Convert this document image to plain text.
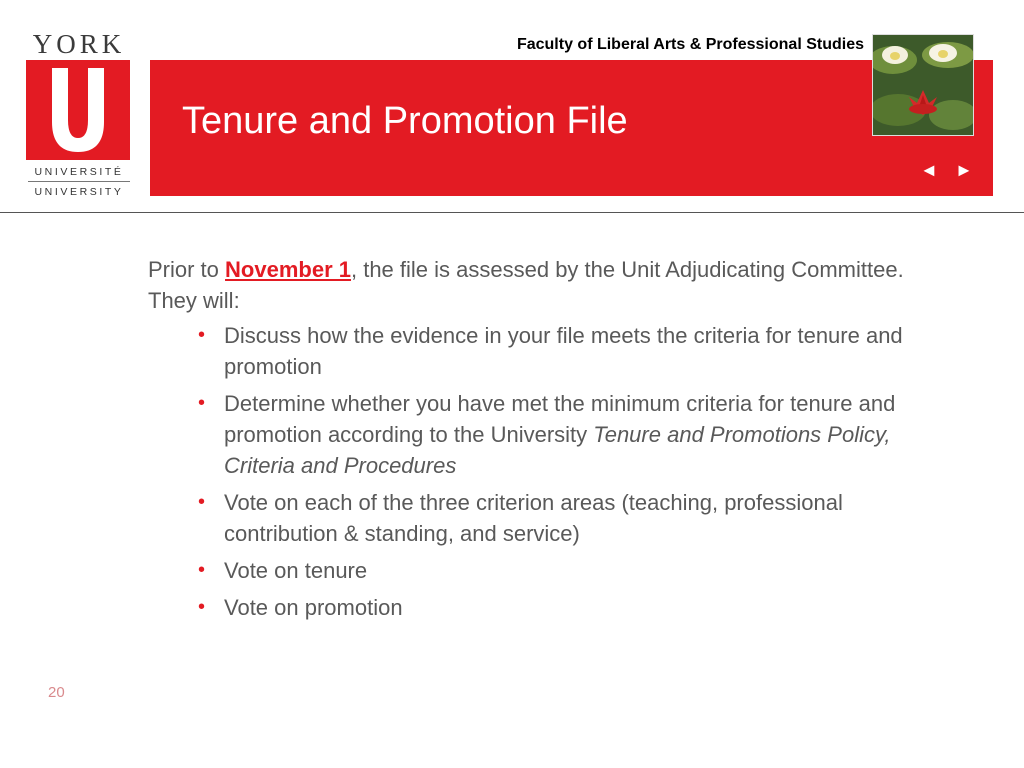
YORK
UNIVERSITÉ
UNIVERSITY
Faculty of Liberal Arts & Professional Studies
Tenure and Promotion File
◄ ►

Prior to November 1, the file is assessed by the Unit Adjudicating Committee. They will:

• Discuss how the evidence in your file meets the criteria for tenure and promotion
• Determine whether you have met the minimum criteria for tenure and promotion according to the University Tenure and Promotions Policy, Criteria and Procedures
• Vote on each of the three criterion areas (teaching, professional contribution & standing, and service)
• Vote on tenure
• Vote on promotion
20
